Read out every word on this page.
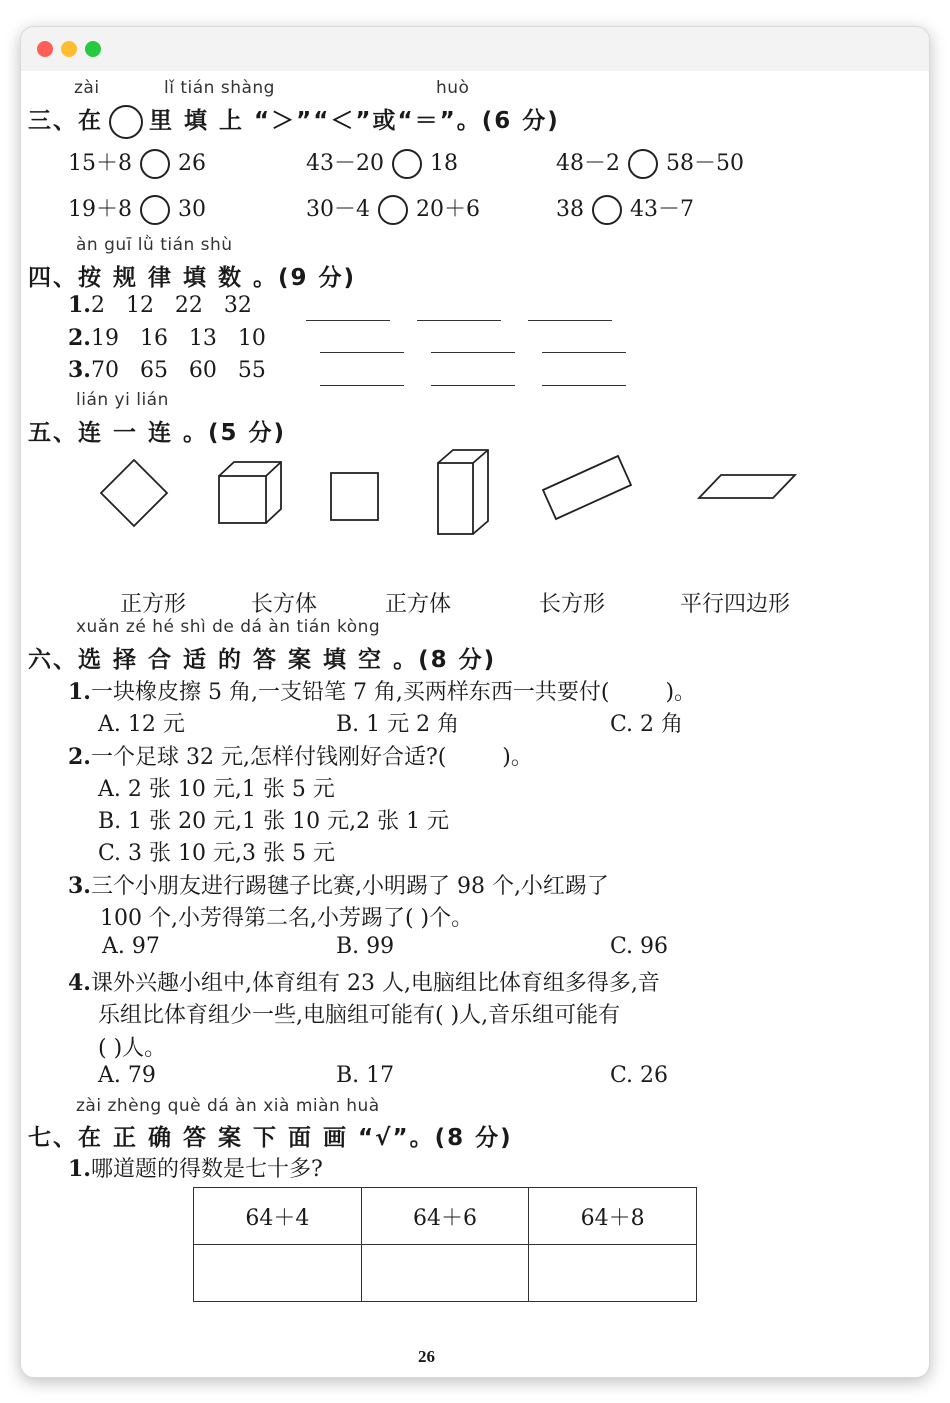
zài	lǐ tián shàng	huò
三、在 里 填 上 “＞”“＜”或“＝”。(6 分)
15＋8 26	43－20 18	48－2 58－50
19＋8 30	30－4 20＋6	38 43－7
àn guī lǜ tián shù
四、按 规 律 填 数 。(9 分)
1.2   12   22   32
2.19   16   13   10
3.70   65   60   55
lián yi lián
五、连 一 连 。(5 分)
正方形	长方体	正方体	长方形	平行四边形
xuǎn zé hé shì de dá àn tián kòng
六、选 择 合 适 的 答 案 填 空 。(8 分)
1.一块橡皮擦 5 角,一支铅笔 7 角,买两样东西一共要付(        )。
A. 12 元	B. 1 元 2 角	C. 2 角
2.一个足球 32 元,怎样付钱刚好合适?(        )。
A. 2 张 10 元,1 张 5 元
B. 1 张 20 元,1 张 10 元,2 张 1 元
C. 3 张 10 元,3 张 5 元
3.三个小朋友进行踢毽子比赛,小明踢了 98 个,小红踢了
100 个,小芳得第二名,小芳踢了( )个。
A. 97	B. 99	C. 96
4.课外兴趣小组中,体育组有 23 人,电脑组比体育组多得多,音
乐组比体育组少一些,电脑组可能有( )人,音乐组可能有
( )人。
A. 79	B. 17	C. 26
zài zhèng què dá àn xià miàn huà
七、在 正 确 答 案 下 面 画 “√”。(8 分)
1.哪道题的得数是七十多?
64＋4	64＋6	64＋8

26
